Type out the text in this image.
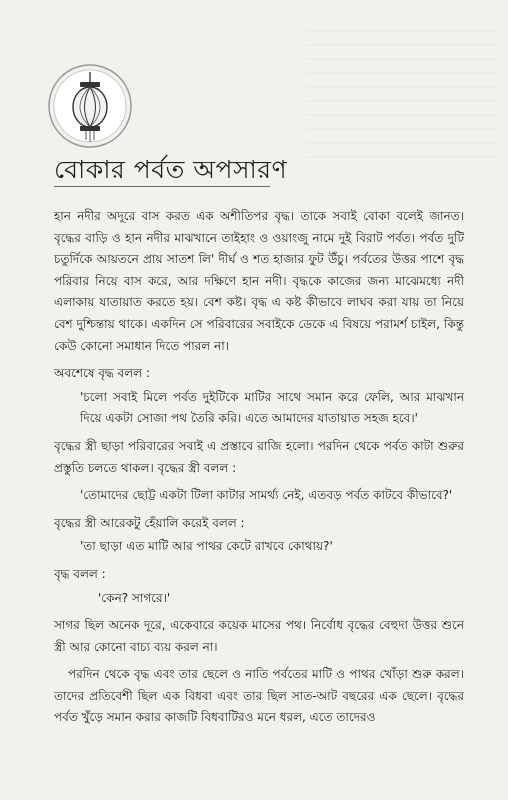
বোকার পর্বত অপসারণ

হান নদীর অদূরে বাস করত এক অশীতিপর বৃদ্ধ। তাকে সবাই বোকা বলেই জানত। বৃদ্ধের বাড়ি ও হান নদীর মাঝখানে তাইহাং ও ওয়াংজু নামে দুই বিরাট পর্বত। পর্বত দুটি চতুর্দিকে আয়তনে প্রায় সাতশ লি' দীর্ঘ ও শত হাজার ফুট উঁচু। পর্বতের উত্তর পাশে বৃদ্ধ পরিবার নিয়ে বাস করে, আর দক্ষিণে হান নদী। বৃদ্ধকে কাজের জন্য মাঝেমধ্যে নদী এলাকায় যাতায়াত করতে হয়। বেশ কষ্ট। বৃদ্ধ এ কষ্ট কীভাবে লাঘব করা যায় তা নিয়ে বেশ দুশ্চিন্তায় থাকে। একদিন সে পরিবারের সবাইকে ডেকে এ বিষয়ে পরামর্শ চাইল, কিন্তু কেউ কোনো সমাধান দিতে পারল না।

অবশেষে বৃদ্ধ বলল :

'চলো সবাই মিলে পর্বত দুইটিকে মাটির সাথে সমান করে ফেলি, আর মাঝখান দিয়ে একটা সোজা পথ তৈরি করি। এতে আমাদের যাতায়াত সহজ হবে।'

বৃদ্ধের স্ত্রী ছাড়া পরিবারের সবাই এ প্রস্তাবে রাজি হলো। পরদিন থেকে পর্বত কাটা শুরুর প্রস্তুতি চলতে থাকল। বৃদ্ধের স্ত্রী বলল :

'তোমাদের ছোট্ট একটা টিলা কাটার সামর্থ্য নেই, এতবড় পর্বত কাটবে কীভাবে?'

বৃদ্ধের স্ত্রী আরেকটু হেঁয়ালি করেই বলল :

'তা ছাড়া এত মাটি আর পাথর কেটে রাখবে কোথায়?'

বৃদ্ধ বলল :

'কেন? সাগরে।'

সাগর ছিল অনেক দূরে, একেবারে কয়েক মাসের পথ। নির্বোধ বৃদ্ধের বেহুদা উত্তর শুনে স্ত্রী আর কোনো বাচ্য ব্যয় করল না।

পরদিন থেকে বৃদ্ধ এবং তার ছেলে ও নাতি পর্বতের মাটি ও পাথর খোঁড়া শুরু করল। তাদের প্রতিবেশী ছিল এক বিধবা এবং তার ছিল সাত-আট বছরের এক ছেলে। বৃদ্ধের পর্বত খুঁড়ে সমান করার কাজটি বিধবাটিরও মনে ধরল, এতে তাদেরও
